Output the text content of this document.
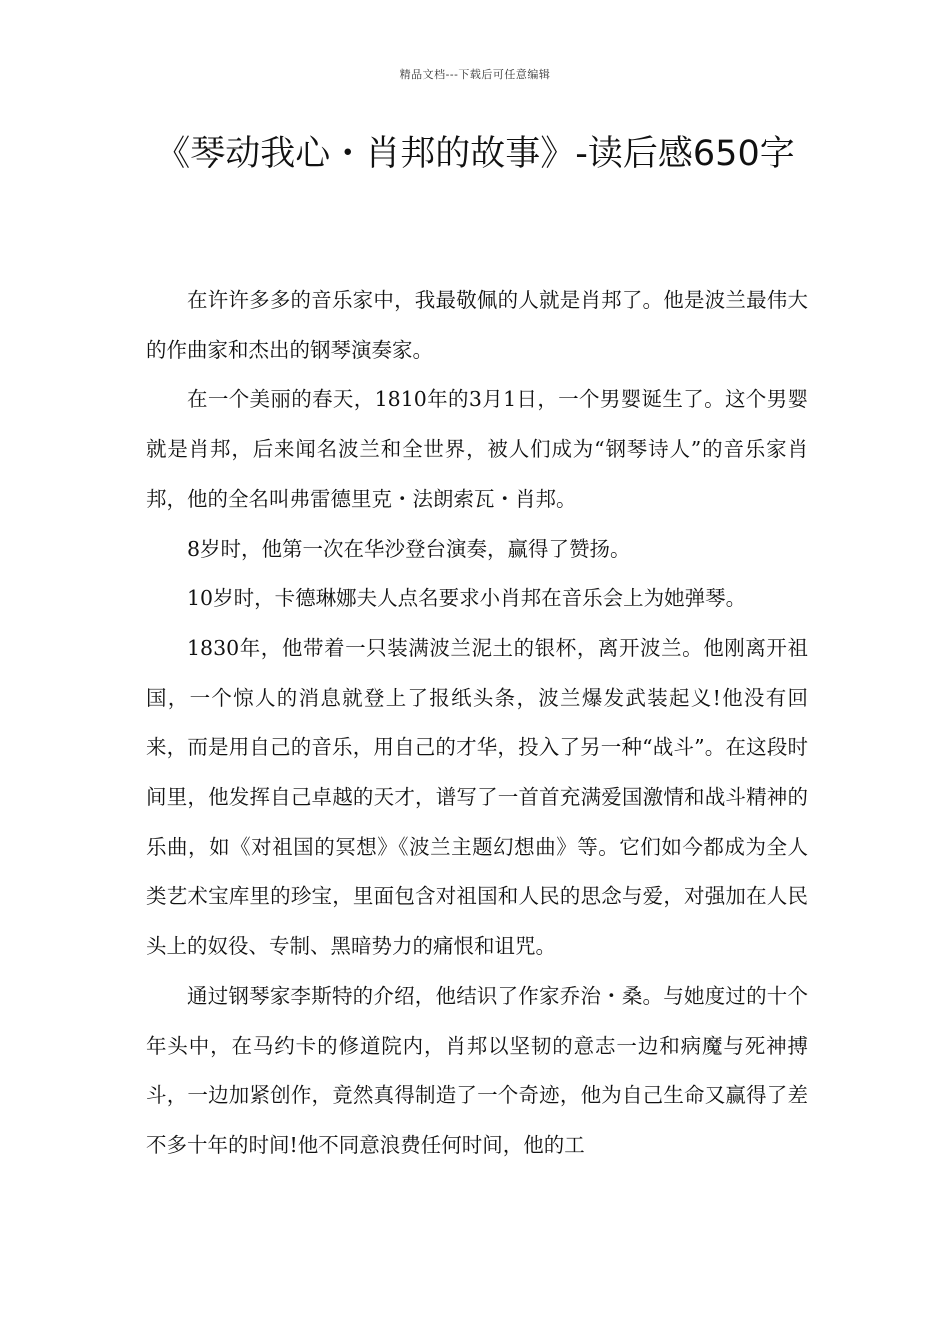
精品文档---下载后可任意编辑
《琴动我心・肖邦的故事》-读后感650字

在许许多多的音乐家中，我最敬佩的人就是肖邦了。他是波兰最伟大的作曲家和杰出的钢琴演奏家。

在一个美丽的春天，1810年的3月1日，一个男婴诞生了。这个男婴就是肖邦，后来闻名波兰和全世界，被人们成为“钢琴诗人”的音乐家肖邦，他的全名叫弗雷德里克・法朗索瓦・肖邦。

8岁时，他第一次在华沙登台演奏，赢得了赞扬。

10岁时，卡德琳娜夫人点名要求小肖邦在音乐会上为她弹琴。

1830年，他带着一只装满波兰泥土的银杯，离开波兰。他刚离开祖国，一个惊人的消息就登上了报纸头条，波兰爆发武装起义!他没有回来，而是用自己的音乐，用自己的才华，投入了另一种“战斗”。在这段时间里，他发挥自己卓越的天才，谱写了一首首充满爱国激情和战斗精神的乐曲，如《对祖国的冥想》《波兰主题幻想曲》等。它们如今都成为全人类艺术宝库里的珍宝，里面包含对祖国和人民的思念与爱，对强加在人民头上的奴役、专制、黑暗势力的痛恨和诅咒。

通过钢琴家李斯特的介绍，他结识了作家乔治・桑。与她度过的十个年头中，在马约卡的修道院内，肖邦以坚韧的意志一边和病魔与死神搏斗，一边加紧创作，竟然真得制造了一个奇迹，他为自己生命又赢得了差不多十年的时间!他不同意浪费任何时间，他的工
